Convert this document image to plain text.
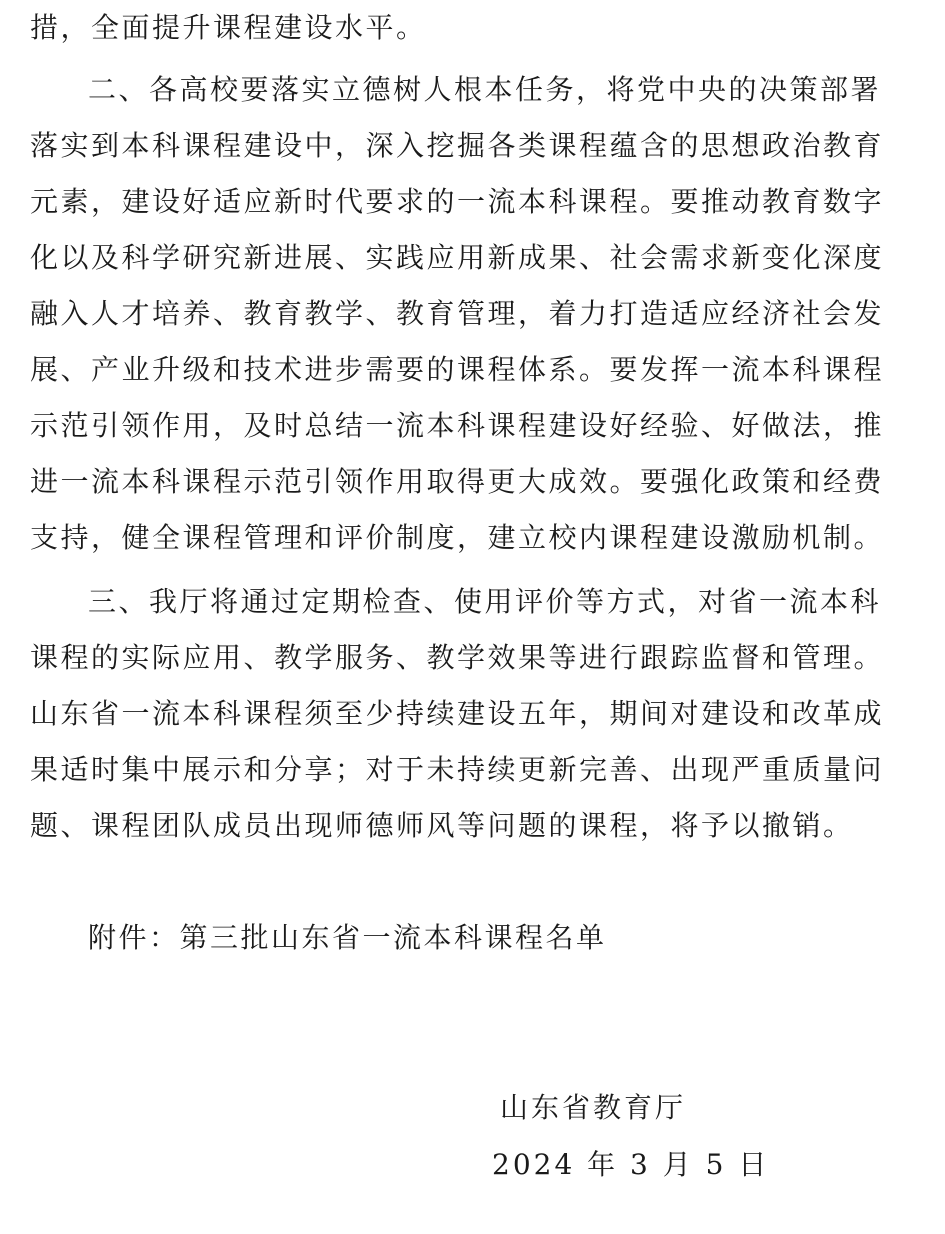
措，全面提升课程建设水平。
二、各高校要落实立德树人根本任务，将党中央的决策部署
落实到本科课程建设中，深入挖掘各类课程蕴含的思想政治教育
元素，建设好适应新时代要求的一流本科课程。要推动教育数字
化以及科学研究新进展、实践应用新成果、社会需求新变化深度
融入人才培养、教育教学、教育管理，着力打造适应经济社会发
展、产业升级和技术进步需要的课程体系。要发挥一流本科课程
示范引领作用，及时总结一流本科课程建设好经验、好做法，推
进一流本科课程示范引领作用取得更大成效。要强化政策和经费
支持，健全课程管理和评价制度，建立校内课程建设激励机制。
三、我厅将通过定期检查、使用评价等方式，对省一流本科
课程的实际应用、教学服务、教学效果等进行跟踪监督和管理。
山东省一流本科课程须至少持续建设五年，期间对建设和改革成
果适时集中展示和分享；对于未持续更新完善、出现严重质量问
题、课程团队成员出现师德师风等问题的课程，将予以撤销。
附件：第三批山东省一流本科课程名单
山东省教育厅
2024 年 3 月 5 日
